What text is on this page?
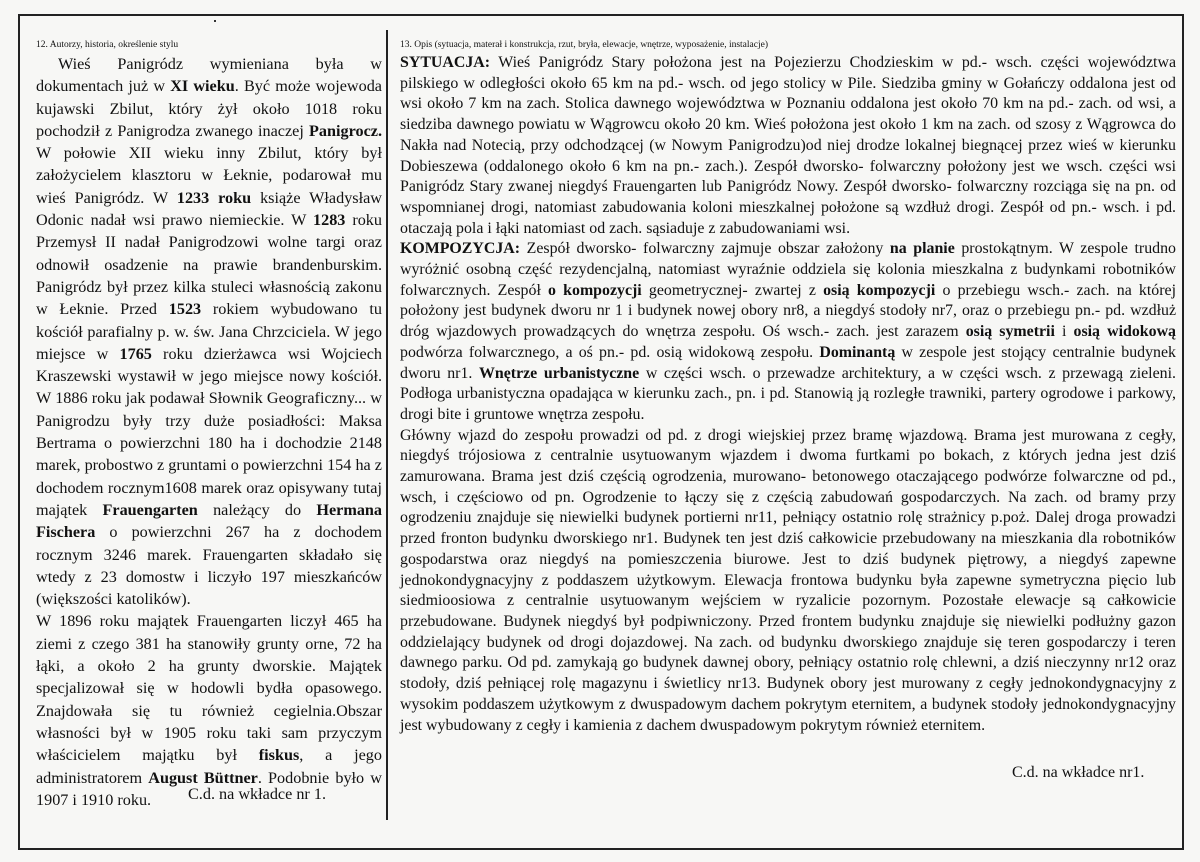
12. Autorzy, historia, określenie stylu	13. Opis (sytuacja, materał i konstrukcja, rzut, bryła, elewacje, wnętrze, wyposażenie, instalacje)

Wieś Panigródz wymieniana była w dokumentach już w XI wieku. Być może wojewoda kujawski Zbilut, który żył około 1018 roku pochodził z Panigrodza zwanego inaczej Panigrocz. W połowie XII wieku inny Zbilut, który był założycielem klasztoru w Łeknie, podarował mu wieś Panigródz. W 1233 roku książe Władysław Odonic nadał wsi prawo niemieckie. W 1283 roku Przemysł II nadał Panigrodzowi wolne targi oraz odnowił osadzenie na prawie brandenburskim. Panigródz był przez kilka stuleci własnością zakonu w Łeknie. Przed 1523 rokiem wybudowano tu kościół parafialny p. w. św. Jana Chrzciciela. W jego miejsce w 1765 roku dzierżawca wsi Wojciech Kraszewski wystawił w jego miejsce nowy kościół. W 1886 roku jak podawał Słownik Geograficzny... w Panigrodzu były trzy duże posiadłości: Maksa Bertrama o powierzchni 180 ha i dochodzie 2148 marek, probostwo z gruntami o powierzchni 154 ha z dochodem rocznym1608 marek oraz opisywany tutaj majątek Frauengarten należący do Hermana Fischera o powierzchni 267 ha z dochodem rocznym 3246 marek. Frauengarten składało się wtedy z 23 domostw i liczyło 197 mieszkańców (większości katolików).

W 1896 roku majątek Frauengarten liczył 465 ha ziemi z czego 381 ha stanowiły grunty orne, 72 ha łąki, a około 2 ha grunty dworskie. Majątek specjalizował się w hodowli bydła opasowego. Znajdowała się tu również cegielnia.Obszar własności był w 1905 roku taki sam przyczym właścicielem majątku był fiskus, a jego administratorem August Büttner. Podobnie było w 1907 i 1910 roku.	C.d. na wkładce nr 1.

SYTUACJA: Wieś Panigródz Stary położona jest na Pojezierzu Chodzieskim w pd.- wsch. części województwa pilskiego w odległości około 65 km na pd.- wsch. od jego stolicy w Pile. Siedziba gminy w Gołańczy oddalona jest od wsi około 7 km na zach. Stolica dawnego województwa w Poznaniu oddalona jest około 70 km na pd.- zach. od wsi, a siedziba dawnego powiatu w Wągrowcu około 20 km. Wieś położona jest około 1 km na zach. od szosy z Wągrowca do Nakła nad Notecią, przy odchodzącej (w Nowym Panigrodzu)od niej drodze lokalnej biegnącej przez wieś w kierunku Dobieszewa (oddalonego około 6 km na pn.- zach.). Zespół dworsko- folwarczny położony jest we wsch. części wsi Panigródz Stary zwanej niegdyś Frauengarten lub Panigródz Nowy. Zespół dworsko- folwarczny rozciąga się na pn. od wspomnianej drogi, natomiast zabudowania koloni mieszkalnej położone są wzdłuż drogi. Zespół od pn.- wsch. i pd. otaczają pola i łąki natomiast od zach. sąsiaduje z zabudowaniami wsi.

KOMPOZYCJA: Zespół dworsko- folwarczny zajmuje obszar założony na planie prostokątnym. W zespole trudno wyróżnić osobną część rezydencjalną, natomiast wyraźnie oddziela się kolonia mieszkalna z budynkami robotników folwarcznych. Zespół o kompozycji geometrycznej- zwartej z osią kompozycji o przebiegu wsch.- zach. na której położony jest budynek dworu nr 1 i budynek nowej obory nr8, a niegdyś stodoły nr7, oraz o przebiegu pn.- pd. wzdłuż dróg wjazdowych prowadzących do wnętrza zespołu. Oś wsch.- zach. jest zarazem osią symetrii i osią widokową podwórza folwarcznego, a oś pn.- pd. osią widokową zespołu. Dominantą w zespole jest stojący centralnie budynek dworu nr1. Wnętrze urbanistyczne w części wsch. o przewadze architektury, a w części wsch. z przewagą zieleni. Podłoga urbanistyczna opadająca w kierunku zach., pn. i pd. Stanowią ją rozległe trawniki, partery ogrodowe i parkowy, drogi bite i gruntowe wnętrza zespołu.

Główny wjazd do zespołu prowadzi od pd. z drogi wiejskiej przez bramę wjazdową. Brama jest murowana z cegły, niegdyś trójosiowa z centralnie usytuowanym wjazdem i dwoma furtkami po bokach, z których jedna jest dziś zamurowana. Brama jest dziś częścią ogrodzenia, murowano- betonowego otaczającego podwórze folwarczne od pd., wsch, i częściowo od pn. Ogrodzenie to łączy się z częścią zabudowań gospodarczych. Na zach. od bramy przy ogrodzeniu znajduje się niewielki budynek portierni nr11, pełniący ostatnio rolę strażnicy p.poż. Dalej droga prowadzi przed fronton budynku dworskiego nr1. Budynek ten jest dziś całkowicie przebudowany na mieszkania dla robotników gospodarstwa oraz niegdyś na pomieszczenia biurowe. Jest to dziś budynek piętrowy, a niegdyś zapewne jednokondygnacyjny z poddaszem użytkowym. Elewacja frontowa budynku była zapewne symetryczna pięcio lub siedmioosiowa z centralnie usytuowanym wejściem w ryzalicie pozornym. Pozostałe elewacje są całkowicie przebudowane. Budynek niegdyś był podpiwniczony. Przed frontem budynku znajduje się niewielki podłużny gazon oddzielający budynek od drogi dojazdowej. Na zach. od budynku dworskiego znajduje się teren gospodarczy i teren dawnego parku. Od pd. zamykają go budynek dawnej obory, pełniący ostatnio rolę chlewni, a dziś nieczynny nr12 oraz stodoły, dziś pełniącej rolę magazynu i świetlicy nr13. Budynek obory jest murowany z cegły jednokondygnacyjny z wysokim poddaszem użytkowym z dwuspadowym dachem pokrytym eternitem, a budynek stodoły jednokondygnacyjny jest wybudowany z cegły i kamienia z dachem dwuspadowym pokrytym również eternitem.

C.d. na wkładce nr1.
